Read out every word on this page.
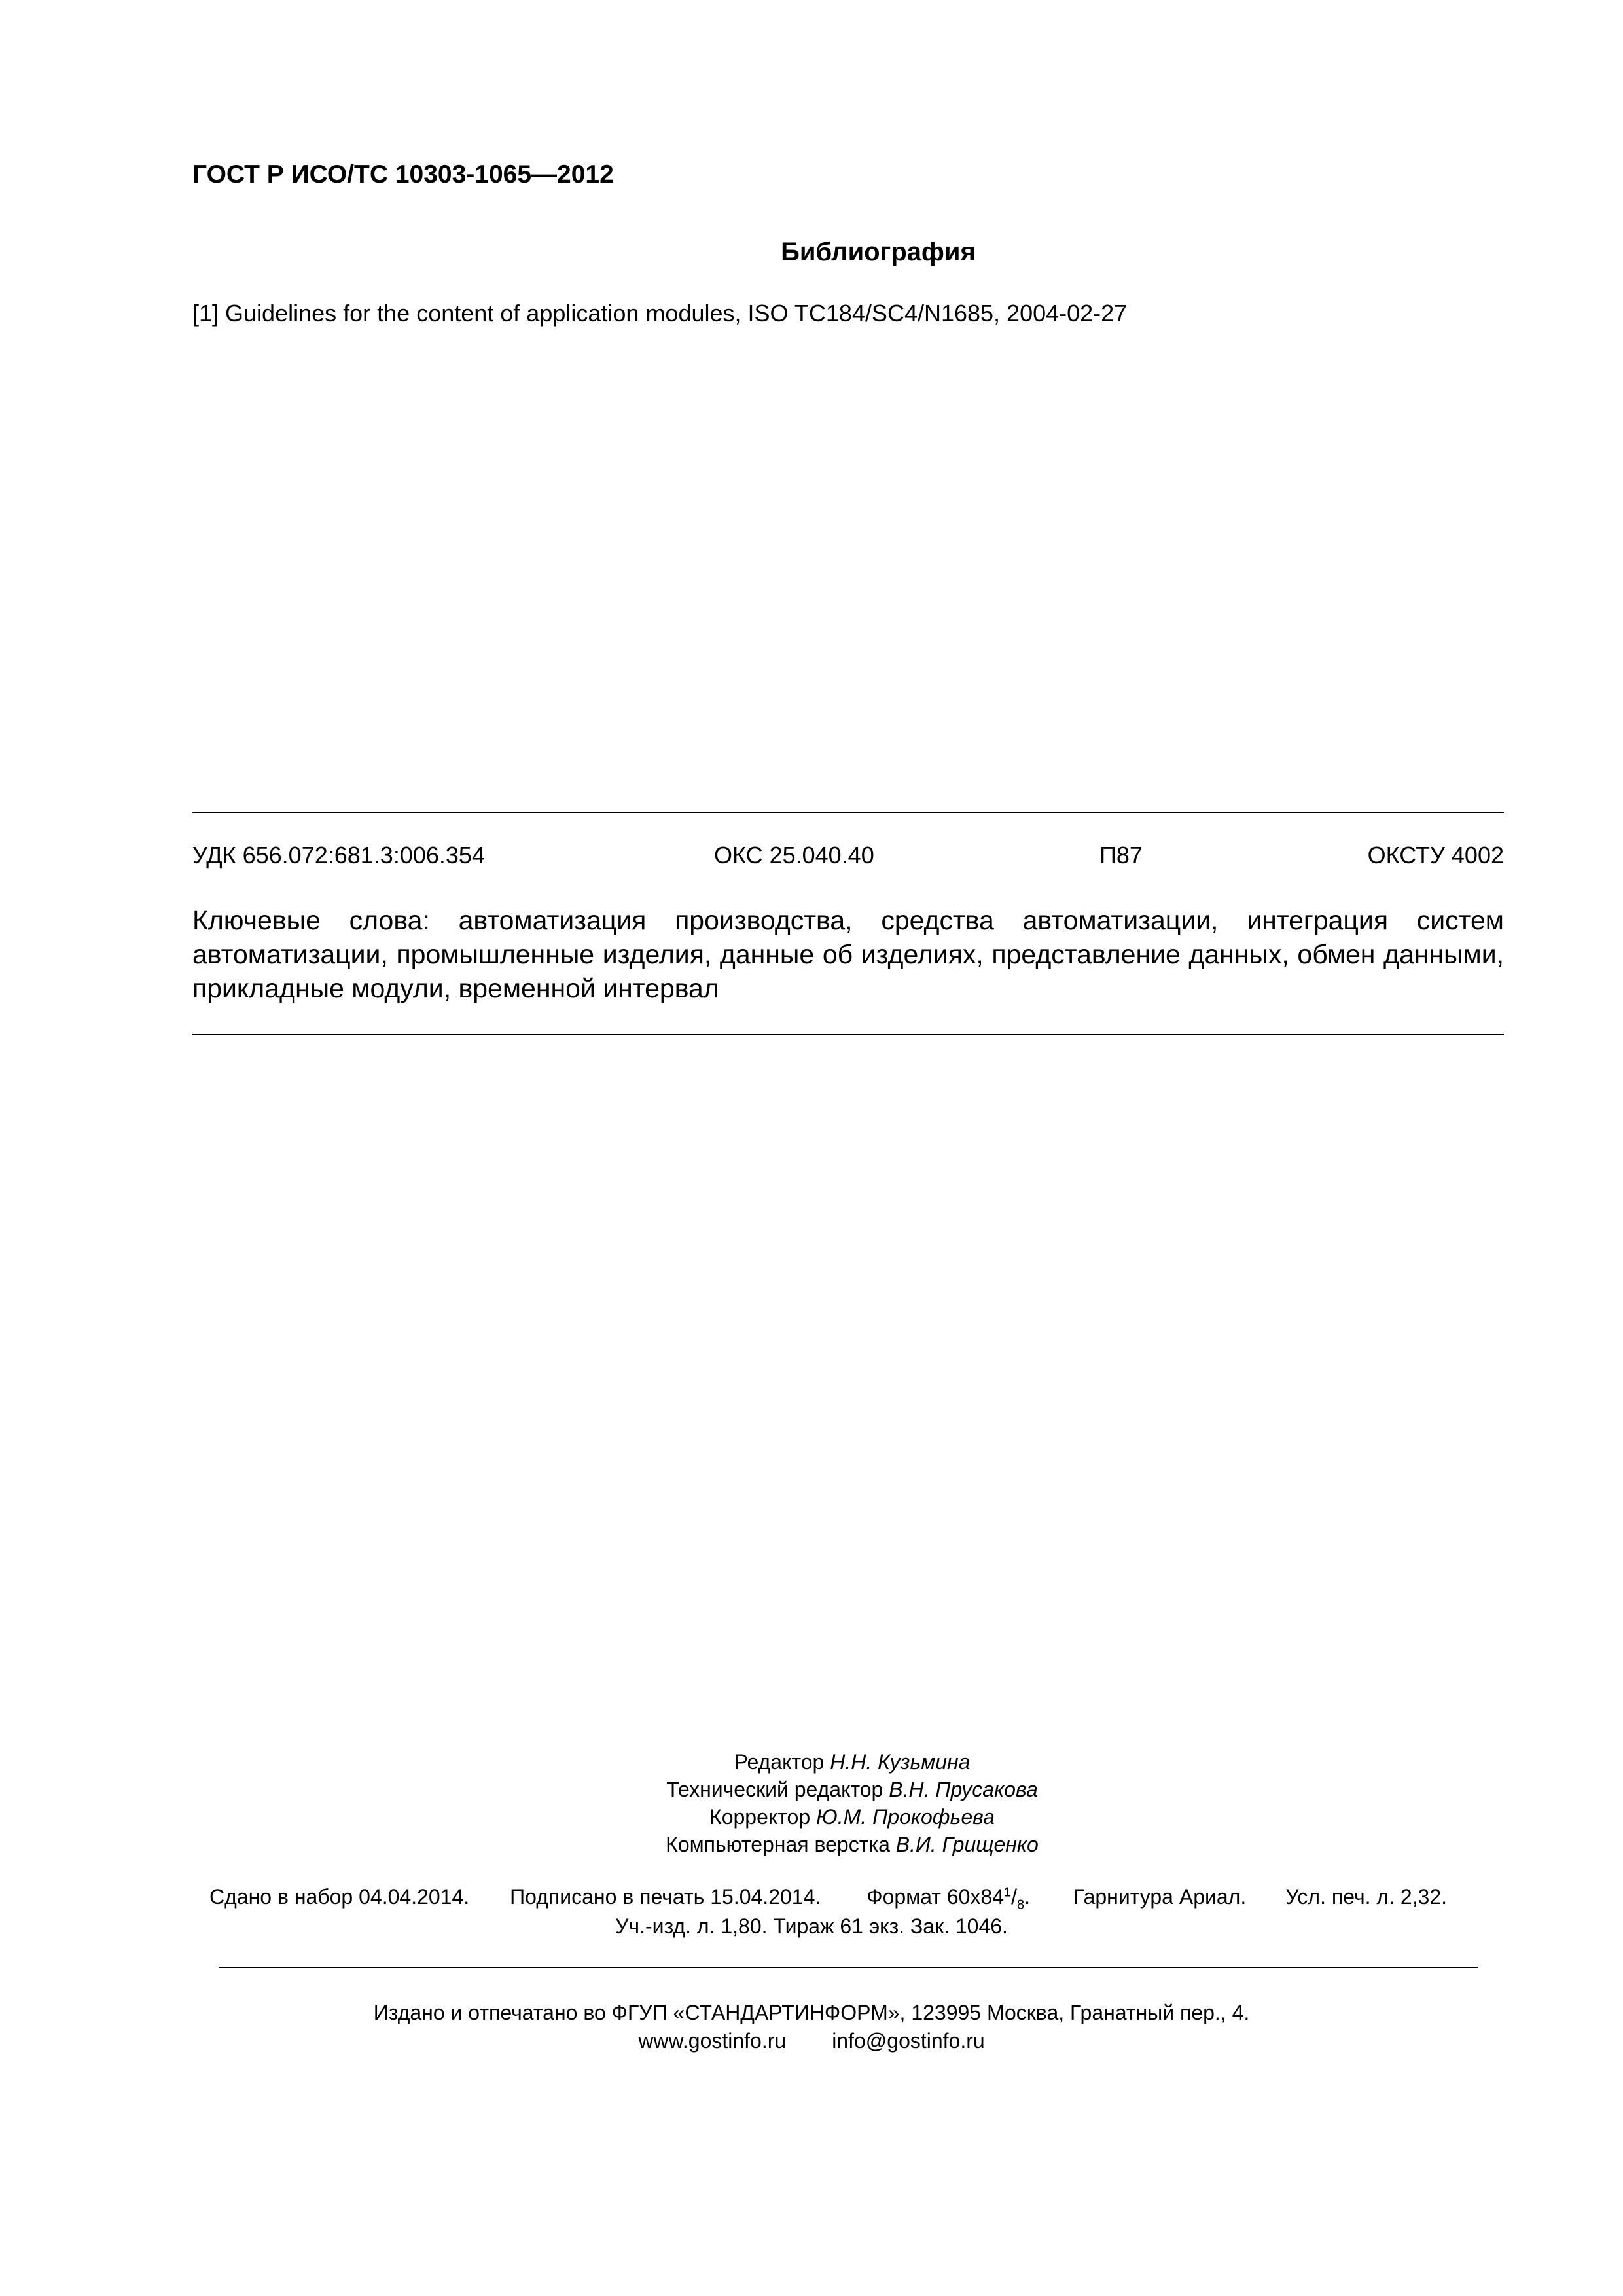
ГОСТ Р ИСО/ТС 10303-1065—2012
Библиография
[1] Guidelines for the content of application modules, ISO TC184/SC4/N1685, 2004-02-27
УДК 656.072:681.3:006.354	ОКС 25.040.40	П87	ОКСТУ 4002
Ключевые слова: автоматизация производства, средства автоматизации, интеграция систем автоматизации, промышленные изделия, данные об изделиях, представление данных, обмен данными, прикладные модули, временной интервал
Редактор Н.Н. Кузьмина
Технический редактор В.Н. Прусакова
Корректор Ю.М. Прокофьева
Компьютерная верстка В.И. Грищенко
Сдано в набор 04.04.2014. Подписано в печать 15.04.2014. Формат $60x84^1/_8$. Гарнитура Ариал. Усл. печ. л. 2,32.
Уч.-изд. л. 1,80. Тираж 61 экз. Зак. 1046.
Издано и отпечатано во ФГУП «СТАНДАРТИНФОРМ», 123995 Москва, Гранатный пер., 4.
www.gostinfo.ru info@gostinfo.ru
